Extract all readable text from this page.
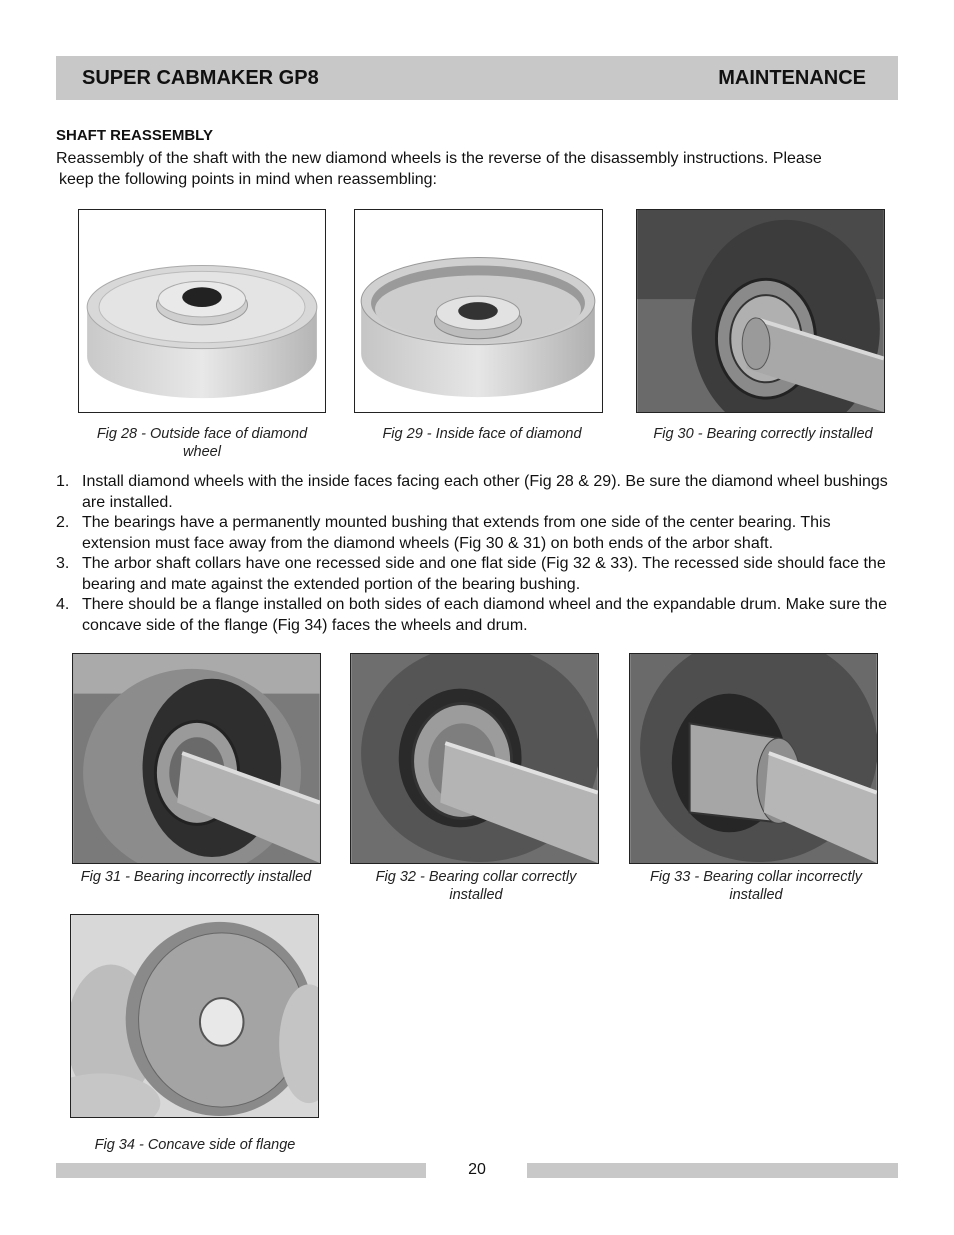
SUPER CABMAKER GP8	MAINTENANCE
SHAFT REASSEMBLY
Reassembly of the shaft with the new diamond wheels is the reverse of the disassembly instructions. Please
keep the following points in mind when reassembling:
Fig 28 - Outside face of diamond wheel
Fig 29 - Inside face of diamond	Fig 30 - Bearing correctly installed
1. Install diamond wheels with the inside faces facing each other (Fig 28 & 29). Be sure the diamond wheel bushings are installed.
2. The bearings have a permanently mounted bushing that extends from one side of the center bearing. This extension must face away from the diamond wheels (Fig 30 & 31) on both ends of the arbor shaft.
3. The arbor shaft collars have one recessed side and one flat side (Fig 32 & 33). The recessed side should face the bearing and mate against the extended portion of the bearing bushing.
4. There should be a flange installed on both sides of each diamond wheel and the expandable drum. Make sure the concave side of the flange (Fig 34) faces the wheels and drum.
Fig 31 - Bearing incorrectly installed	Fig 32 - Bearing collar correctly installed
Fig 33 - Bearing collar incorrectly installed
Fig 34 - Concave side of flange
20
